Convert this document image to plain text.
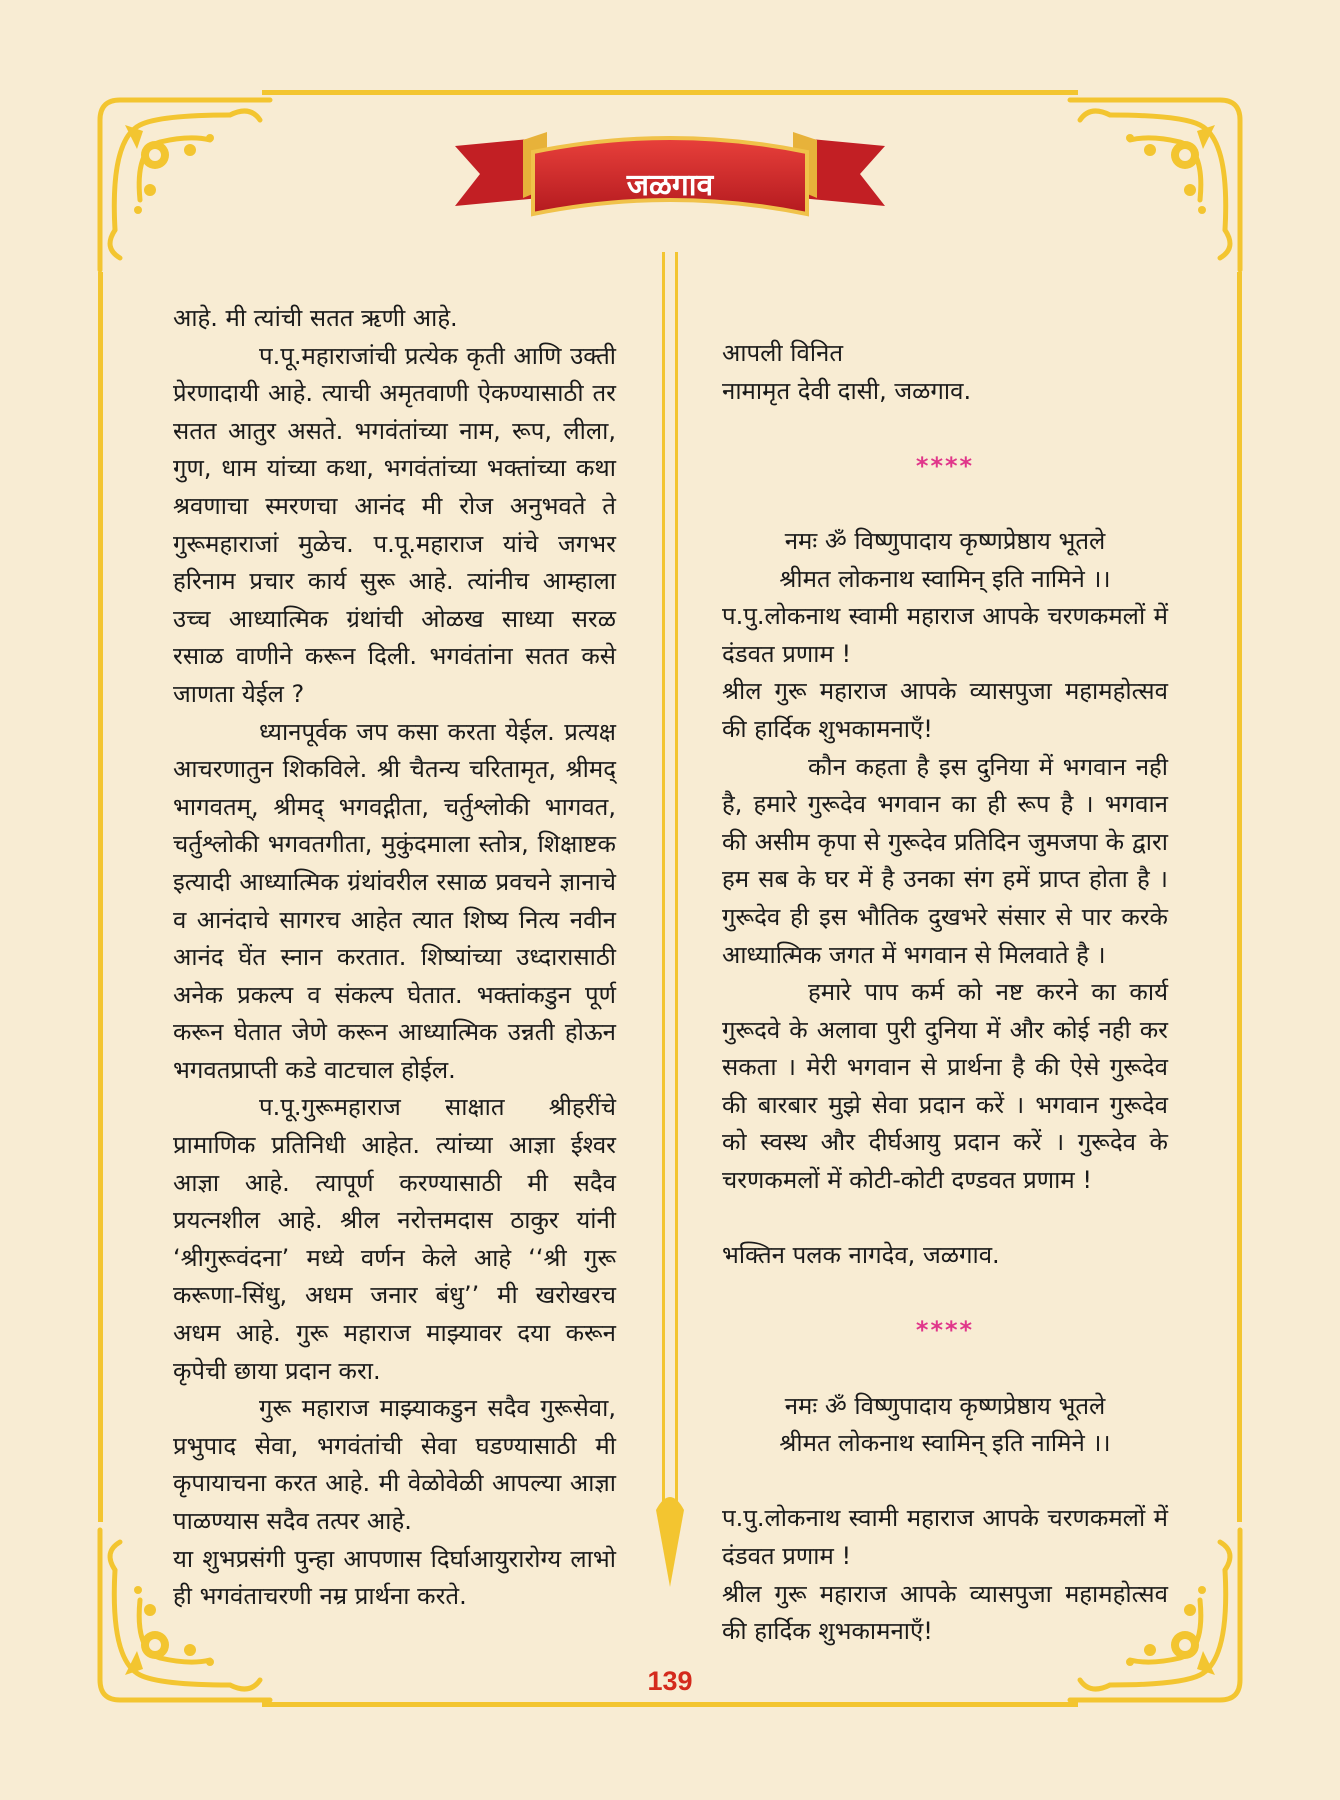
जळगाव

आहे. मी त्यांची सतत ऋणी आहे.

प.पू.महाराजांची प्रत्येक कृती आणि उक्ती प्रेरणादायी आहे. त्याची अमृतवाणी ऐकण्यासाठी तर सतत आतुर असते. भगवंतांच्या नाम, रूप, लीला, गुण, धाम यांच्या कथा, भगवंतांच्या भक्तांच्या कथा श्रवणाचा स्मरणचा आनंद मी रोज अनुभवते ते गुरूमहाराजां मुळेच. प.पू.महाराज यांचे जगभर हरिनाम प्रचार कार्य सुरू आहे. त्यांनीच आम्हाला उच्च आध्यात्मिक ग्रंथांची ओळख साध्या सरळ रसाळ वाणीने करून दिली. भगवंतांना सतत कसे जाणता येईल ?

ध्यानपूर्वक जप कसा करता येईल. प्रत्यक्ष आचरणातुन शिकविले. श्री चैतन्य चरितामृत, श्रीमद् भागवतम्, श्रीमद् भगवद्गीता, चर्तुश्लोकी भागवत, चर्तुश्लोकी भगवतगीता, मुकुंदमाला स्तोत्र, शिक्षाष्टक इत्यादी आध्यात्मिक ग्रंथांवरील रसाळ प्रवचने ज्ञानाचे व आनंदाचे सागरच आहेत त्यात शिष्य नित्य नवीन आनंद घेंत स्नान करतात. शिष्यांच्या उध्दारासाठी अनेक प्रकल्प व संकल्प घेतात. भक्तांकडुन पूर्ण करून घेतात जेणे करून आध्यात्मिक उन्नती होऊन भगवतप्राप्ती कडे वाटचाल होईल.

प.पू.गुरूमहाराज साक्षात श्रीहरींचे प्रामाणिक प्रतिनिधी आहेत. त्यांच्या आज्ञा ईश्वर आज्ञा आहे. त्यापूर्ण करण्यासाठी मी सदैव प्रयत्नशील आहे. श्रील नरोत्तमदास ठाकुर यांनी ‘श्रीगुरूवंदना’ मध्ये वर्णन केले आहे ‘‘श्री गुरू करूणा-सिंधु, अधम जनार बंधु’’ मी खरोखरच अधम आहे. गुरू महाराज माझ्यावर दया करून कृपेची छाया प्रदान करा.

गुरू महाराज माझ्याकडुन सदैव गुरूसेवा, प्रभुपाद सेवा, भगवंतांची सेवा घडण्यासाठी मी कृपायाचना करत आहे. मी वेळोवेळी आपल्या आज्ञा पाळण्यास सदैव तत्पर आहे.

या शुभप्रसंगी पुन्हा आपणास दिर्घाआयुरारोग्य लाभो ही भगवंताचरणी नम्र प्रार्थना करते.

आपली विनित

नामामृत देवी दासी, जळगाव.

****

नमः ॐ विष्णुपादाय कृष्णप्रेष्ठाय भूतले

श्रीमत लोकनाथ स्वामिन् इति नामिने ।।

प.पु.लोकनाथ स्वामी महाराज आपके चरणकमलों में दंडवत प्रणाम !

श्रील गुरू महाराज आपके व्यासपुजा महामहोत्सव की हार्दिक शुभकामनाएँ!

कौन कहता है इस दुनिया में भगवान नही है, हमारे गुरूदेव भगवान का ही रूप है । भगवान की असीम कृपा से गुरूदेव प्रतिदिन जुमजपा के द्वारा हम सब के घर में है उनका संग हमें प्राप्त होता है । गुरूदेव ही इस भौतिक दुखभरे संसार से पार करके आध्यात्मिक जगत में भगवान से मिलवाते है ।

हमारे पाप कर्म को नष्ट करने का कार्य गुरूदवे के अलावा पुरी दुनिया में और कोई नही कर सकता । मेरी भगवान से प्रार्थना है की ऐसे गुरूदेव की बारबार मुझे सेवा प्रदान करें । भगवान गुरूदेव को स्वस्थ और दीर्घआयु प्रदान करें । गुरूदेव के चरणकमलों में कोटी-कोटी दण्डवत प्रणाम !

भक्तिन पलक नागदेव, जळगाव.

****

नमः ॐ विष्णुपादाय कृष्णप्रेष्ठाय भूतले

श्रीमत लोकनाथ स्वामिन् इति नामिने ।।

प.पु.लोकनाथ स्वामी महाराज आपके चरणकमलों में दंडवत प्रणाम !

श्रील गुरू महाराज आपके व्यासपुजा महामहोत्सव की हार्दिक शुभकामनाएँ!

139
